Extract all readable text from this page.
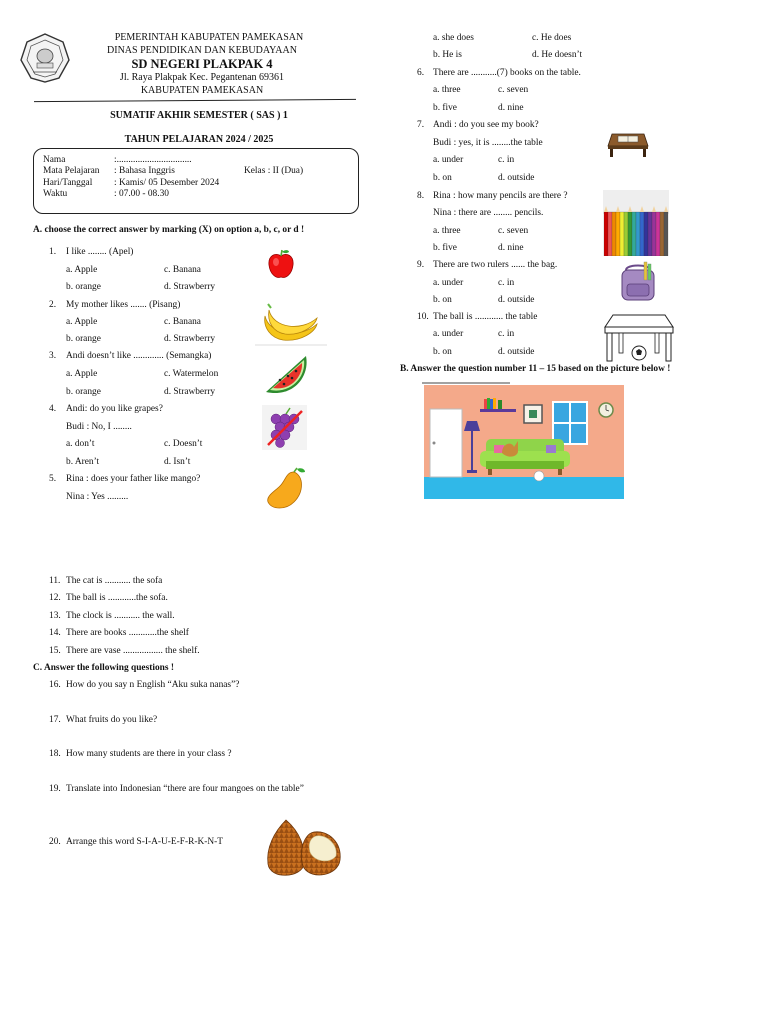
PEMERINTAH KABUPATEN PAMEKASAN
DINAS PENDIDIKAN DAN KEBUDAYAAN
SD NEGERI PLAKPAK 4
Jl. Raya Plakpak Kec. Pegantenan 69361
KABUPATEN PAMEKASAN
SUMATIF AKHIR SEMESTER ( SAS ) 1
TAHUN PELAJARAN 2024 / 2025
Nama	:................................
Mata Pelajaran : Bahasa Inggris	Kelas : II (Dua)
Hari/Tanggal : Kamis/ 05 Desember 2024
Waktu	: 07.00 - 08.30
A. choose the correct answer by marking (X) on option a, b, c, or d !
1. I like ........ (Apel)
a. Apple	c. Banana
b. orange	d. Strawberry
2. My mother likes ....... (Pisang)
a. Apple	c. Banana
b. orange	d. Strawberry
3. Andi doesn’t like ............. (Semangka)
a. Apple	c. Watermelon
b. orange	d. Strawberry
4. Andi: do you like grapes?
Budi : No, I ........
a. don’t	c. Doesn’t
b. Aren’t	d. Isn’t
5. Rina : does your father like mango?
Nina : Yes .........
a. she does	c. He does
b. He is	d. He doesn’t
6. There are ...........(7) books on the table.
a. three	c. seven
b. five	d. nine
7. Andi : do you see my book?
Budi : yes, it is ........the table
a. under	c. in
b. on	d. outside
8. Rina : how many pencils are there ?
Nina : there are ........ pencils.
a. three	c. seven
b. five	d. nine
9. There are two rulers ...... the bag.
a. under	c. in
b. on	d. outside
10. The ball is ............ the table
a. under	c. in
b. on	d. outside
B. Answer the question number 11 – 15 based on the picture below !
11. The cat is ........... the sofa
12. The ball is ............the sofa.
13. The clock is ........... the wall.
14. There are books ............the shelf
15. There are vase ................. the shelf.
C. Answer the following questions !
16. How do you say n English “Aku suka nanas”?
17. What fruits do you like?
18. How many students are there in your class ?
19. Translate into Indonesian “there are four mangoes on the table”
20. Arrange this word S-I-A-U-E-F-R-K-N-T
